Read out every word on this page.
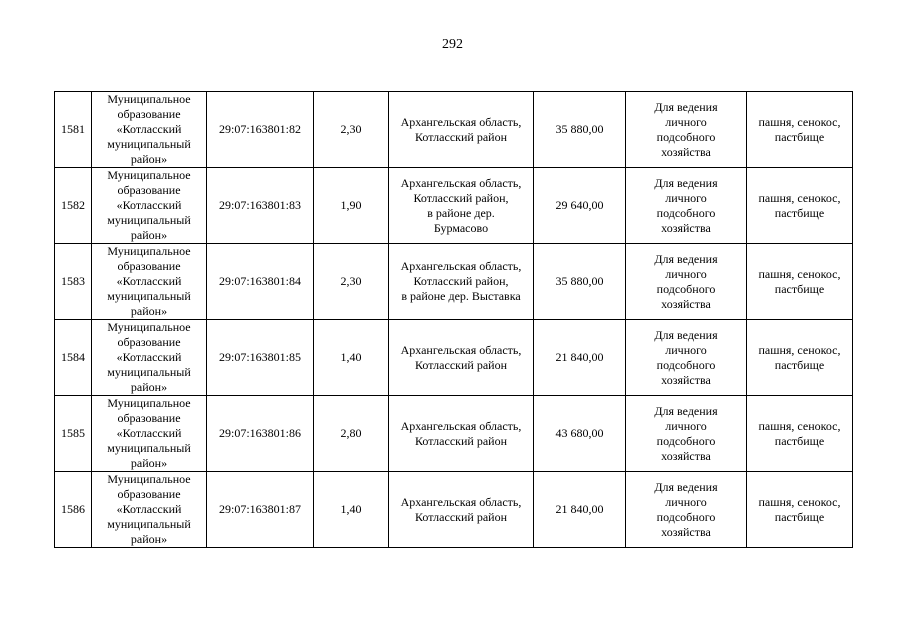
292
1581	Муниципальное
образование
«Котласский
муниципальный
район»	29:07:163801:82	2,30	Архангельская область,
Котласский район	35 880,00	Для ведения
личного
подсобного
хозяйства	пашня, сенокос,
пастбище
1582	Муниципальное
образование
«Котласский
муниципальный
район»	29:07:163801:83	1,90	Архангельская область,
Котласский район,
в районе дер.
Бурмасово	29 640,00	Для ведения
личного
подсобного
хозяйства	пашня, сенокос,
пастбище
1583	Муниципальное
образование
«Котласский
муниципальный
район»	29:07:163801:84	2,30	Архангельская область,
Котласский район,
в районе дер. Выставка	35 880,00	Для ведения
личного
подсобного
хозяйства	пашня, сенокос,
пастбище
1584	Муниципальное
образование
«Котласский
муниципальный
район»	29:07:163801:85	1,40	Архангельская область,
Котласский район	21 840,00	Для ведения
личного
подсобного
хозяйства	пашня, сенокос,
пастбище
1585	Муниципальное
образование
«Котласский
муниципальный
район»	29:07:163801:86	2,80	Архангельская область,
Котласский район	43 680,00	Для ведения
личного
подсобного
хозяйства	пашня, сенокос,
пастбище
1586	Муниципальное
образование
«Котласский
муниципальный
район»	29:07:163801:87	1,40	Архангельская область,
Котласский район	21 840,00	Для ведения
личного
подсобного
хозяйства	пашня, сенокос,
пастбище
